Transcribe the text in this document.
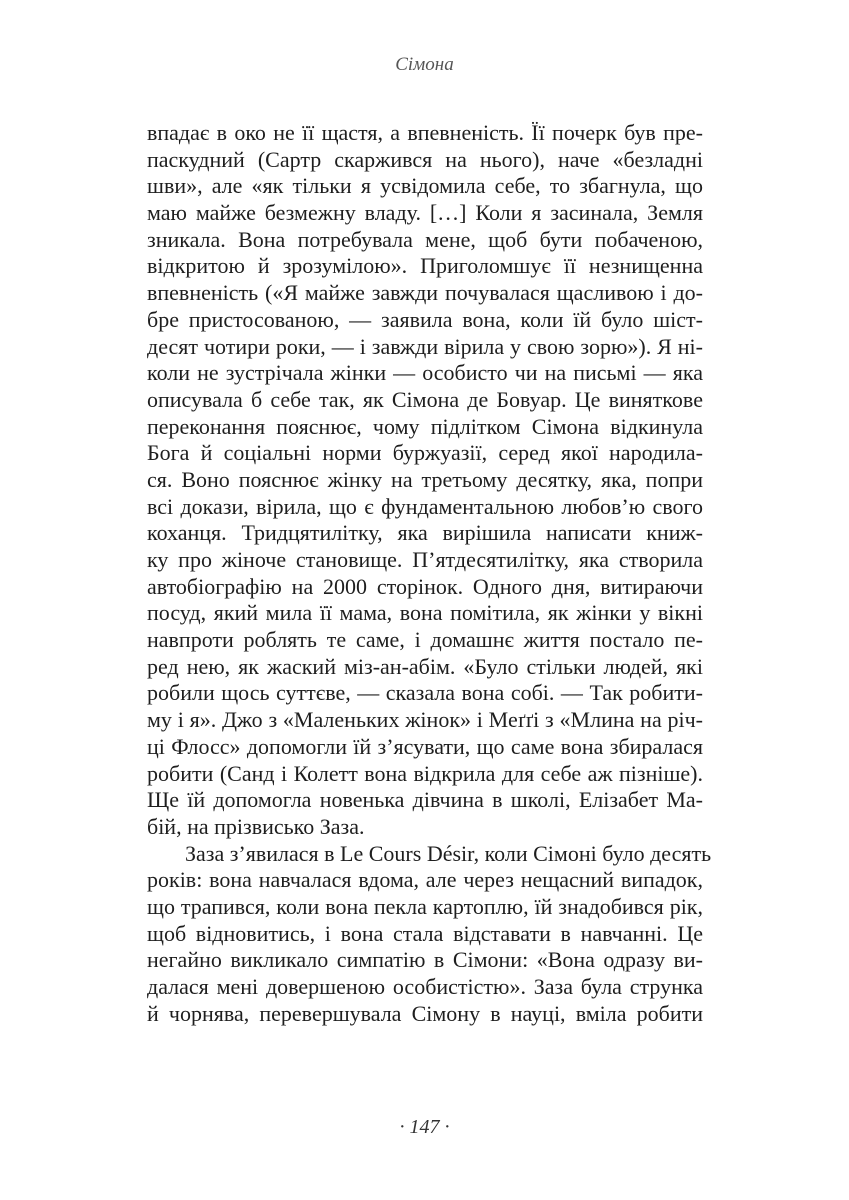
Сімона
впадає в око не її щастя, а впевненість. Її почерк був пре-
паскудний (Сартр скаржився на нього), наче «безладні
шви», але «як тільки я усвідомила себе, то збагнула, що
маю майже безмежну владу. […] Коли я засинала, Земля
зникала. Вона потребувала мене, щоб бути побаченою,
відкритою й зрозумілою». Приголомшує її незнищенна
впевненість («Я майже завжди почувалася щасливою і до-
бре пристосованою, — заявила вона, коли їй було шіст-
десят чотири роки, — і завжди вірила у свою зорю»). Я ні-
коли не зустрічала жінки — особисто чи на письмі — яка
описувала б себе так, як Сімона де Бовуар. Це винятковe
переконання пояснює, чому підлітком Сімона відкинула
Бога й соціальні норми буржуазії, серед якої народила-
ся. Воно пояснює жінку на третьому десятку, яка, попри
всі докази, вірила, що є фундаментальною любов’ю свого
коханця. Тридцятилітку, яка вирішила написати книж-
ку про жіноче становище. П’ятдесятилітку, яка створила
автобіографію на 2000 сторінок. Одного дня, витираючи
посуд, який мила її мама, вона помітила, як жінки у вікні
навпроти роблять те саме, і домашнє життя постало пе-
ред нею, як жаский міз-ан-абім. «Було стільки людей, які
робили щось суттєве, — сказала вона собі. — Так робити-
му і я». Джо з «Маленьких жінок» і Меґґі з «Млина на річ-
ці Флосс» допомогли їй з’ясувати, що саме вона збиралася
робити (Санд і Колетт вона відкрила для себе аж пізніше).
Ще їй допомогла новенька дівчина в школі, Елізабет Ма-
бій, на прізвисько Заза.
Заза з’явилася в Le Cours Désir, коли Сімоні було десять
років: вона навчалася вдома, але через нещасний випадок,
що трапився, коли вона пекла картоплю, їй знадобився рік,
щоб відновитись, і вона стала відставати в навчанні. Це
негайно викликало симпатію в Сімони: «Вона одразу ви-
далася мені довершеною особистістю». Заза була струнка
й чорнява, перевершувала Сімону в науці, вміла робити
· 147 ·
